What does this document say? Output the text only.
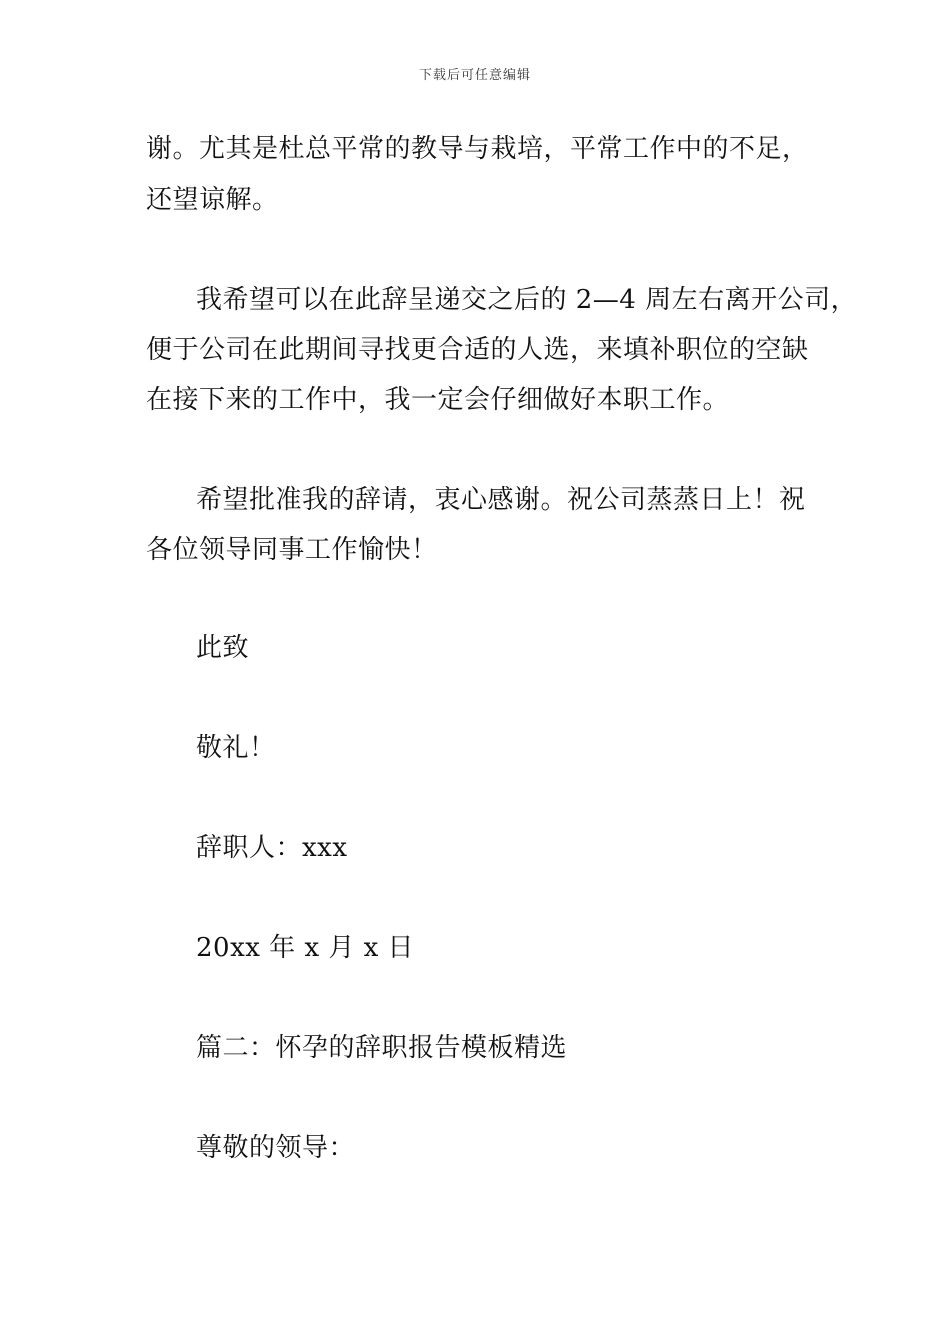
下载后可任意编辑
谢。尤其是杜总平常的教导与栽培，平常工作中的不足，
还望谅解。
我希望可以在此辞呈递交之后的 2—4 周左右离开公司，
便于公司在此期间寻找更合适的人选，来填补职位的空缺
在接下来的工作中，我一定会仔细做好本职工作。
希望批准我的辞请，衷心感谢。祝公司蒸蒸日上！祝
各位领导同事工作愉快！
此致
敬礼！
辞职人：xxx
20xx 年 x 月 x 日
篇二：怀孕的辞职报告模板精选
尊敬的领导：
